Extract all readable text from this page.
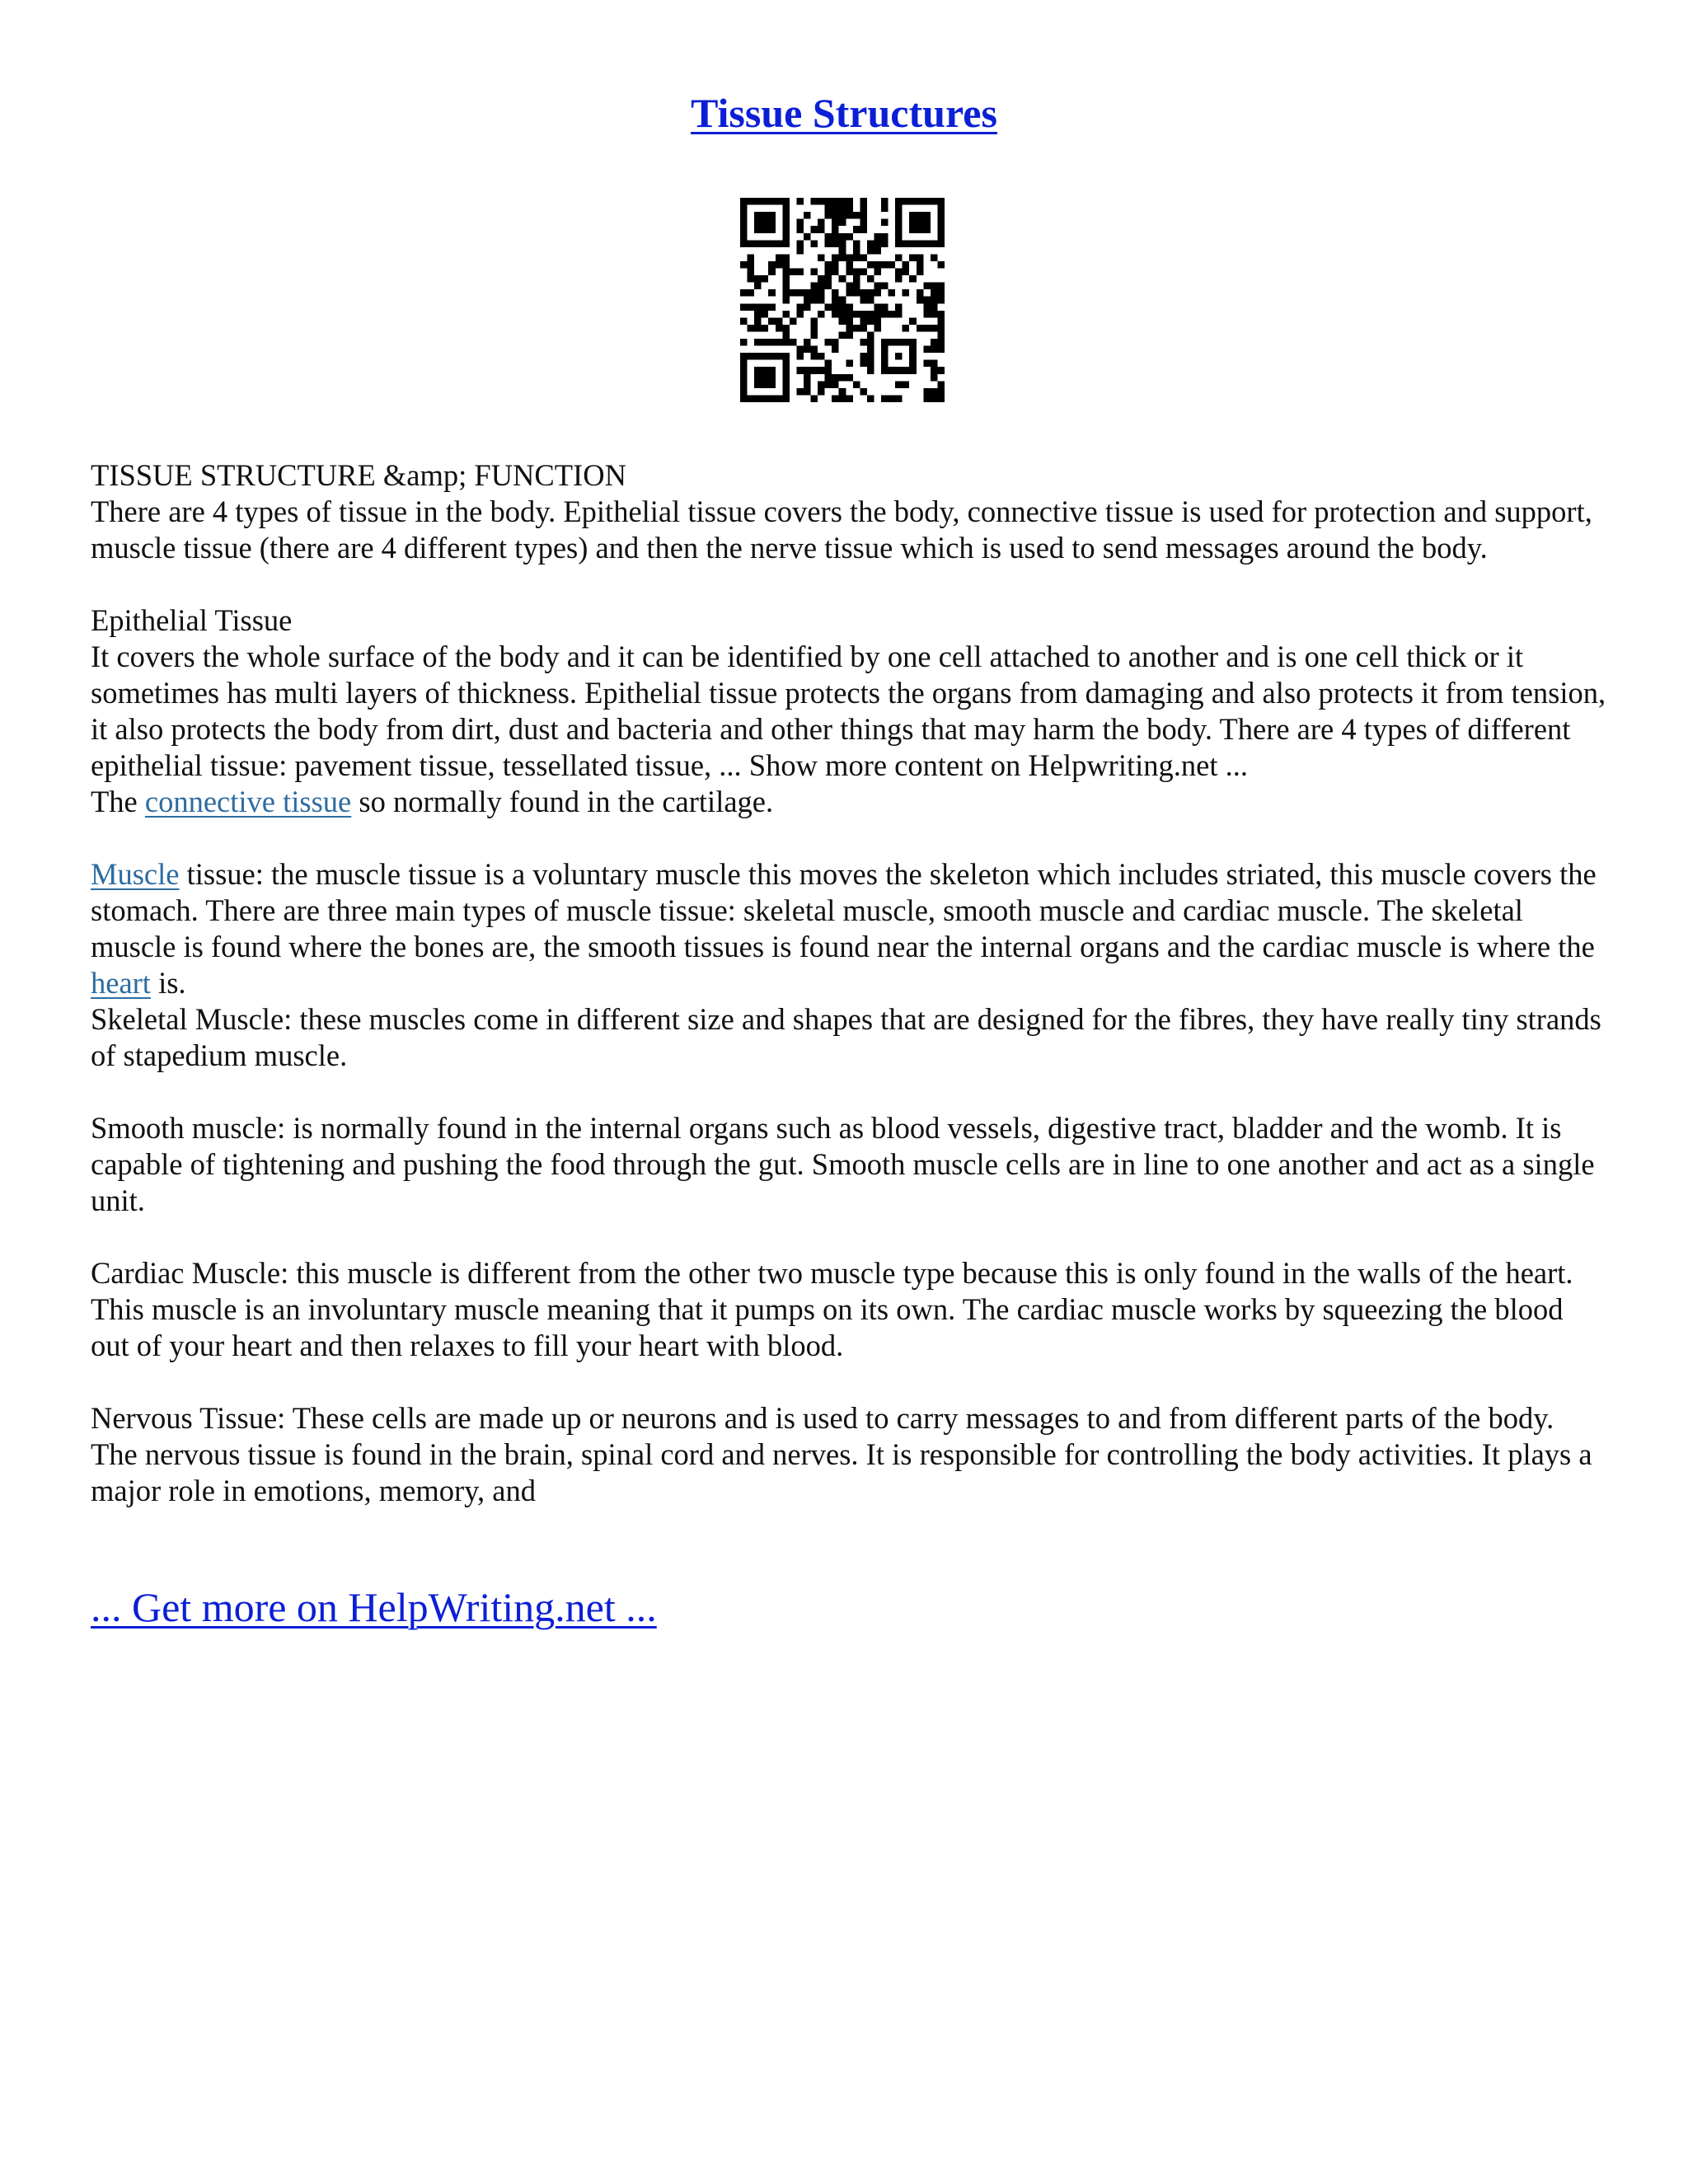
Tissue Structures

TISSUE STRUCTURE &amp; FUNCTION

There are 4 types of tissue in the body. Epithelial tissue covers the body, connective tissue is used for protection and support, muscle tissue (there are 4 different types) and then the nerve tissue which is used to send messages around the body.

Epithelial Tissue

It covers the whole surface of the body and it can be identified by one cell attached to another and is one cell thick or it sometimes has multi layers of thickness. Epithelial tissue protects the organs from damaging and also protects it from tension, it also protects the body from dirt, dust and bacteria and other things that may harm the body. There are 4 types of different epithelial tissue: pavement tissue, tessellated tissue, ... Show more content on Helpwriting.net ...

The connective tissue so normally found in the cartilage.

Muscle tissue: the muscle tissue is a voluntary muscle this moves the skeleton which includes striated, this muscle covers the stomach. There are three main types of muscle tissue: skeletal muscle, smooth muscle and cardiac muscle. The skeletal muscle is found where the bones are, the smooth tissues is found near the internal organs and the cardiac muscle is where the heart is.

Skeletal Muscle: these muscles come in different size and shapes that are designed for the fibres, they have really tiny strands of stapedium muscle.

Smooth muscle: is normally found in the internal organs such as blood vessels, digestive tract, bladder and the womb. It is capable of tightening and pushing the food through the gut. Smooth muscle cells are in line to one another and act as a single unit.

Cardiac Muscle: this muscle is different from the other two muscle type because this is only found in the walls of the heart. This muscle is an involuntary muscle meaning that it pumps on its own. The cardiac muscle works by squeezing the blood out of your heart and then relaxes to fill your heart with blood.

Nervous Tissue: These cells are made up or neurons and is used to carry messages to and from different parts of the body. The nervous tissue is found in the brain, spinal cord and nerves. It is responsible for controlling the body activities. It plays a major role in emotions, memory, and

... Get more on HelpWriting.net ...
